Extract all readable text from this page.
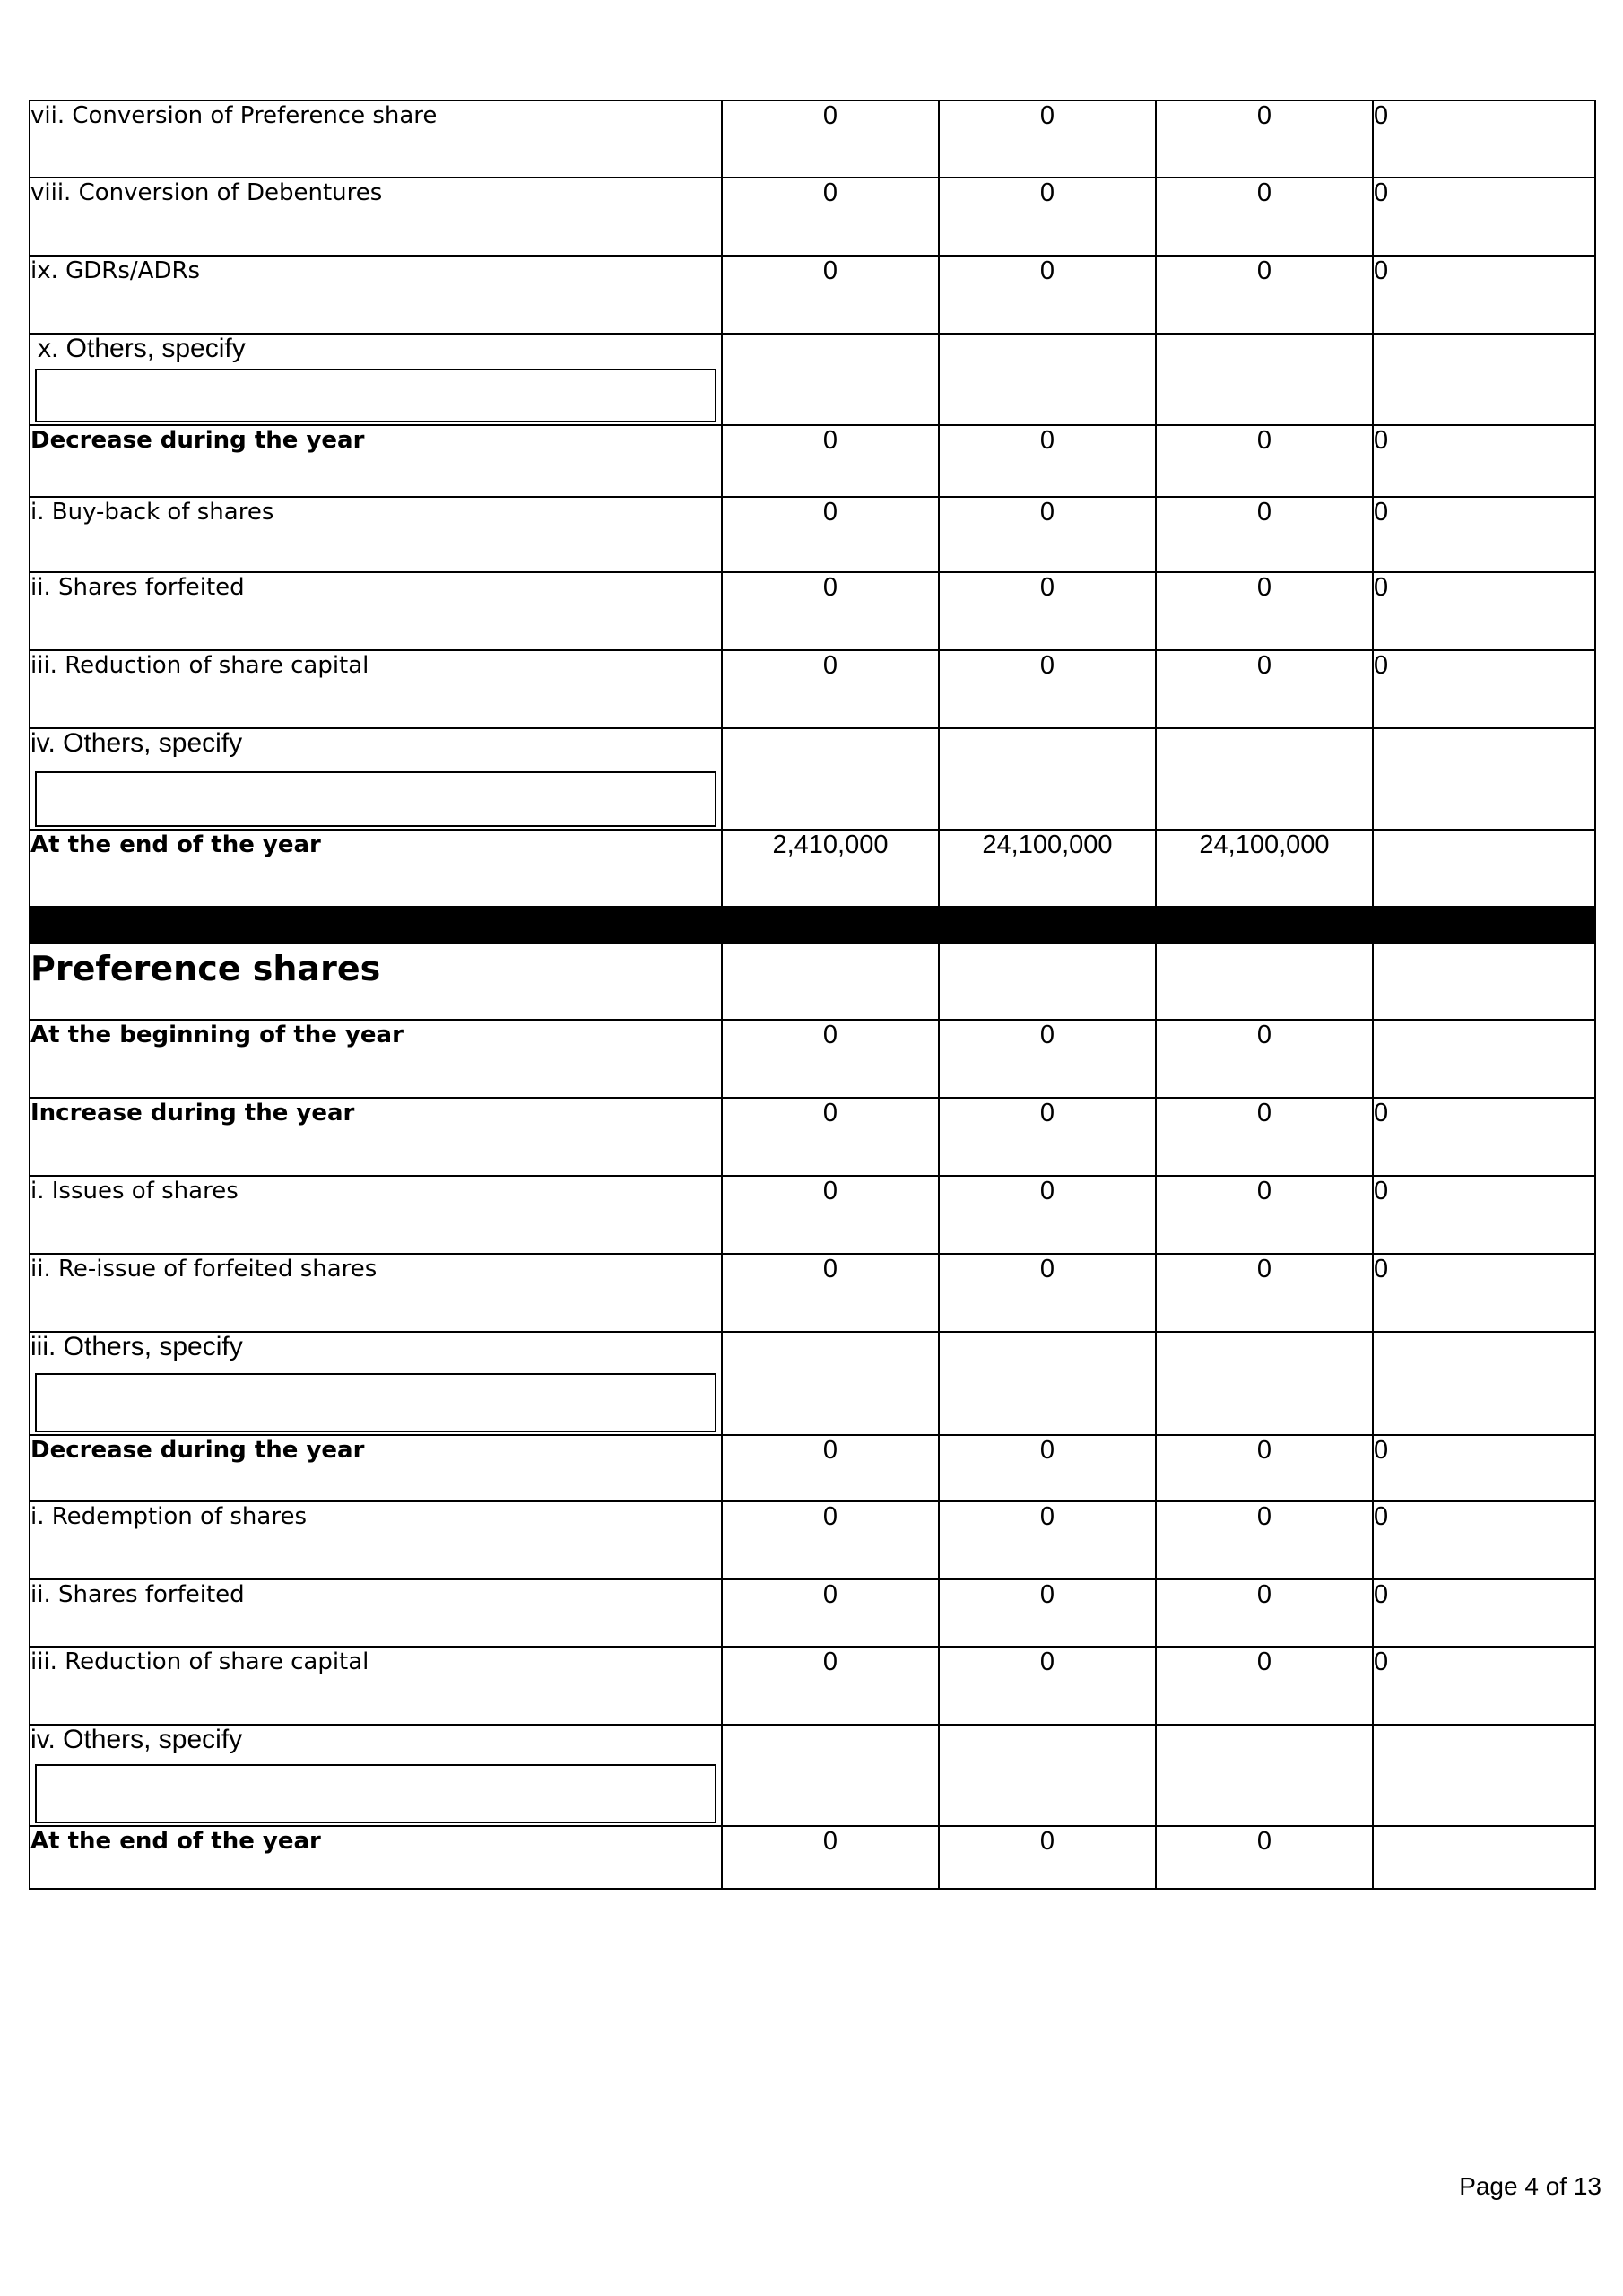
vii. Conversion of Preference share	0	0	0	0
viii. Conversion of Debentures	0	0	0	0
ix. GDRs/ADRs	0	0	0	0
x. Others, specify

Decrease during the year	0	0	0	0
i. Buy-back of shares	0	0	0	0
ii. Shares forfeited	0	0	0	0
iii. Reduction of share capital	0	0	0	0
iv. Others, specify

At the end of the year	2,410,000	24,100,000	24,100,000	

Preference shares				
At the beginning of the year	0	0	0	
Increase during the year	0	0	0	0
i. Issues of shares	0	0	0	0
ii. Re-issue of forfeited shares	0	0	0	0
iii. Others, specify

Decrease during the year	0	0	0	0
i. Redemption of shares	0	0	0	0
ii. Shares forfeited	0	0	0	0
iii. Reduction of share capital	0	0	0	0
iv. Others, specify

At the end of the year	0	0	0	
Page 4 of 13
